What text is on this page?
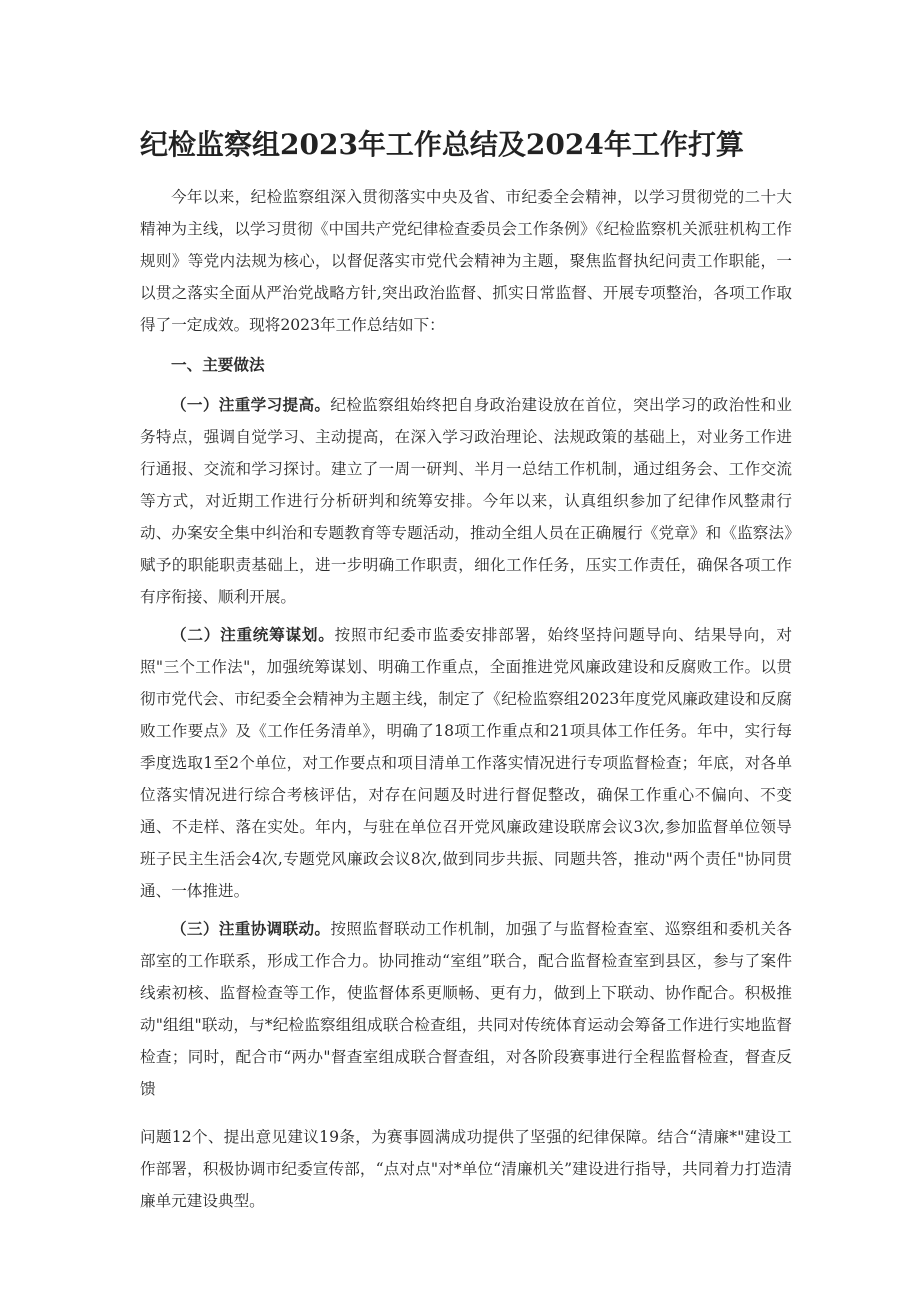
纪检监察组2023年工作总结及2024年工作打算

今年以来，纪检监察组深入贯彻落实中央及省、市纪委全会精神，以学习贯彻党的二十大精神为主线，以学习贯彻《中国共产党纪律检查委员会工作条例》《纪检监察机关派驻机构工作规则》等党内法规为核心，以督促落实市党代会精神为主题，聚焦监督执纪问责工作职能，一以贯之落实全面从严治党战略方针,突出政治监督、抓实日常监督、开展专项整治，各项工作取得了一定成效。现将2023年工作总结如下：

一、主要做法

（一）注重学习提高。纪检监察组始终把自身政治建设放在首位，突出学习的政治性和业务特点，强调自觉学习、主动提高，在深入学习政治理论、法规政策的基础上，对业务工作进行通报、交流和学习探讨。建立了一周一研判、半月一总结工作机制，通过组务会、工作交流等方式，对近期工作进行分析研判和统筹安排。今年以来，认真组织参加了纪律作风整肃行动、办案安全集中纠治和专题教育等专题活动，推动全组人员在正确履行《党章》和《监察法》赋予的职能职责基础上，进一步明确工作职责，细化工作任务，压实工作责任，确保各项工作有序衔接、顺利开展。

（二）注重统筹谋划。按照市纪委市监委安排部署，始终坚持问题导向、结果导向，对照"三个工作法"，加强统筹谋划、明确工作重点，全面推进党风廉政建设和反腐败工作。以贯彻市党代会、市纪委全会精神为主题主线，制定了《纪检监察组2023年度党风廉政建设和反腐败工作要点》及《工作任务清单》，明确了18项工作重点和21项具体工作任务。年中，实行每季度选取1至2个单位，对工作要点和项目清单工作落实情况进行专项监督检查；年底，对各单位落实情况进行综合考核评估，对存在问题及时进行督促整改，确保工作重心不偏向、不变通、不走样、落在实处。年内，与驻在单位召开党风廉政建设联席会议3次,参加监督单位领导班子民主生活会4次,专题党风廉政会议8次,做到同步共振、同题共答，推动"两个责任"协同贯通、一体推进。

（三）注重协调联动。按照监督联动工作机制，加强了与监督检查室、巡察组和委机关各部室的工作联系，形成工作合力。协同推动“室组”联合，配合监督检查室到县区，参与了案件线索初核、监督检查等工作，使监督体系更顺畅、更有力，做到上下联动、协作配合。积极推动"组组"联动，与*纪检监察组组成联合检查组，共同对传统体育运动会筹备工作进行实地监督检查；同时，配合市“两办"督查室组成联合督查组，对各阶段赛事进行全程监督检查，督查反馈

问题12个、提出意见建议19条，为赛事圆满成功提供了坚强的纪律保障。结合“清廉*"建设工作部署，积极协调市纪委宣传部，“点对点"对*单位“清廉机关”建设进行指导，共同着力打造清廉单元建设典型。
